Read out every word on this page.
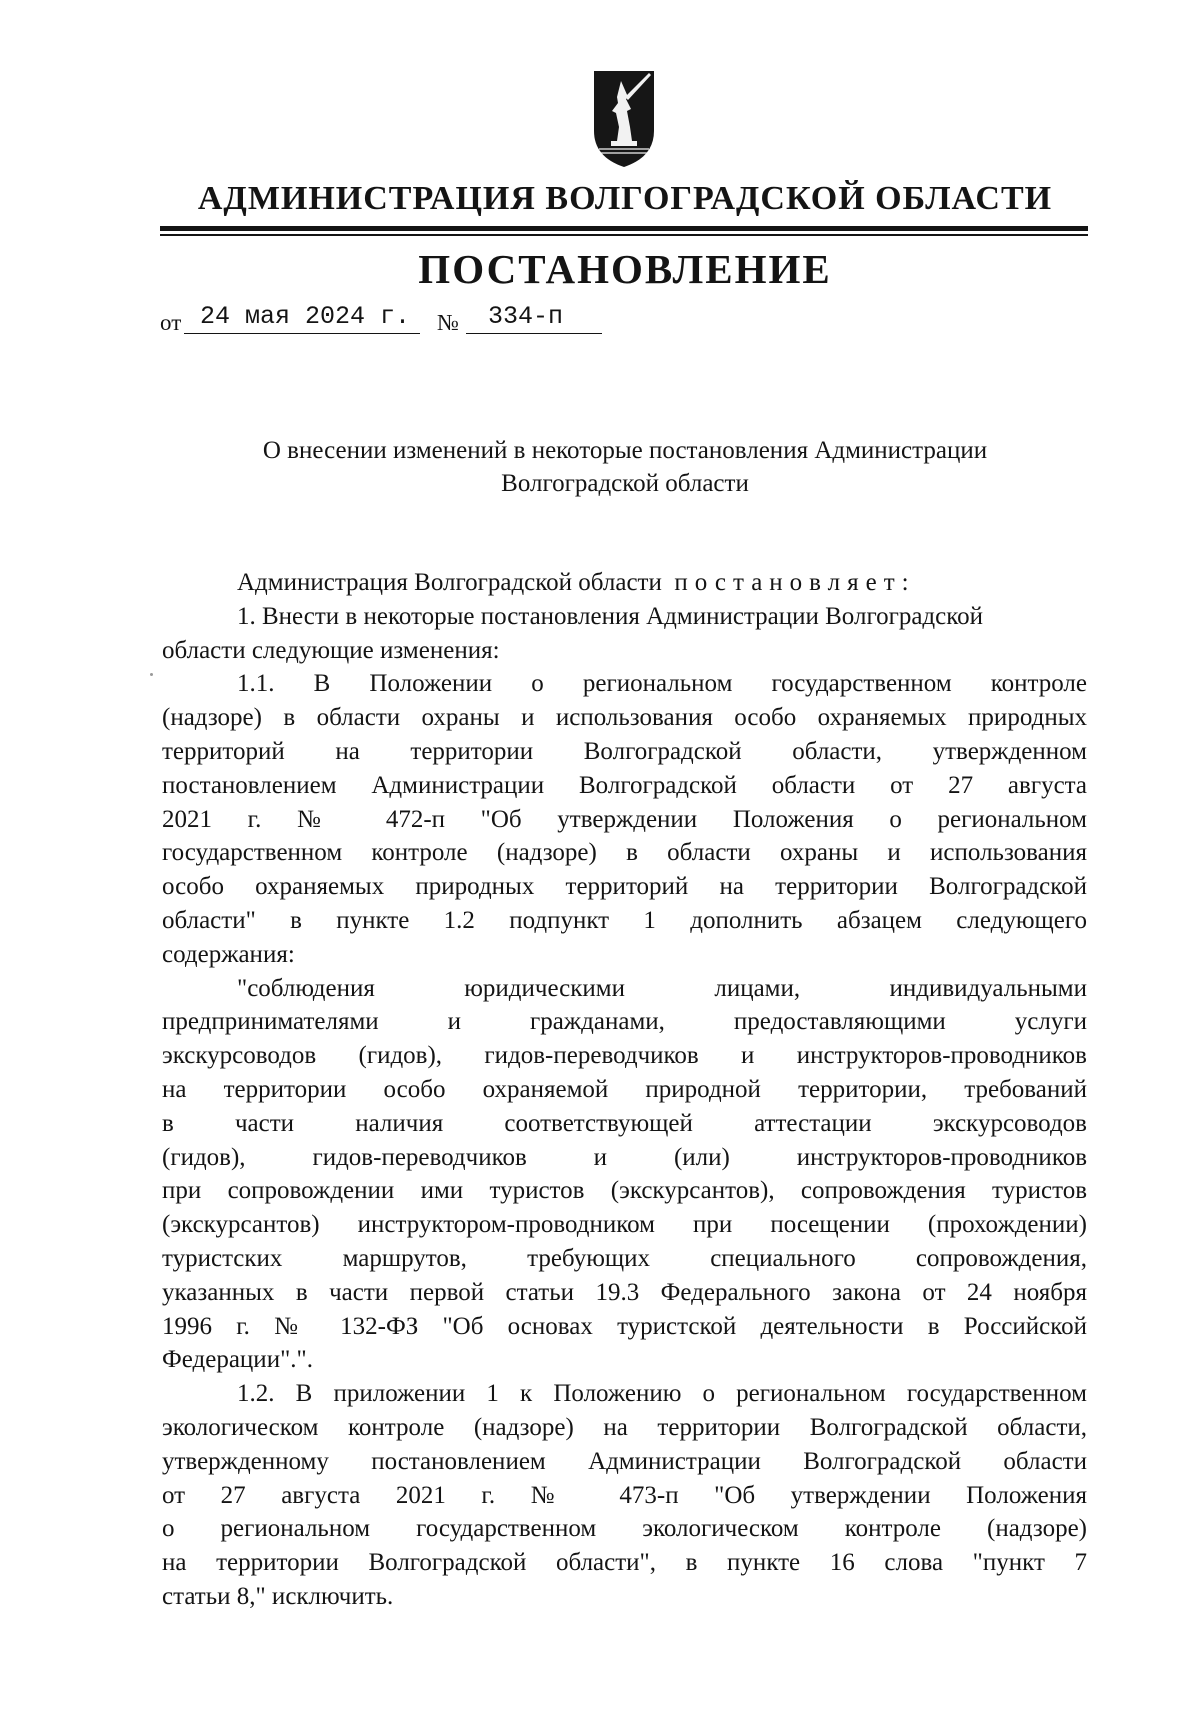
АДМИНИСТРАЦИЯ ВОЛГОГРАДСКОЙ ОБЛАСТИ
ПОСТАНОВЛЕНИЕ
от 24 мая 2024 г. № 334-п
О внесении изменений в некоторые постановления Администрации
Волгоградской области
Администрация Волгоградской области постановляет:
1. Внести в некоторые постановления Администрации Волгоградской
области следующие изменения:
1.1. В Положении о региональном государственном контроле
(надзоре) в области охраны и использования особо охраняемых природных
территорий на территории Волгоградской области, утвержденном
постановлением Администрации Волгоградской области от 27 августа
2021 г. № 472-п "Об утверждении Положения о региональном
государственном контроле (надзоре) в области охраны и использования
особо охраняемых природных территорий на территории Волгоградской
области" в пункте 1.2 подпункт 1 дополнить абзацем следующего
содержания:
"соблюдения юридическими лицами, индивидуальными
предпринимателями и гражданами, предоставляющими услуги
экскурсоводов (гидов), гидов-переводчиков и инструкторов-проводников
на территории особо охраняемой природной территории, требований
в части наличия соответствующей аттестации экскурсоводов
(гидов), гидов-переводчиков и (или) инструкторов-проводников
при сопровождении ими туристов (экскурсантов), сопровождения туристов
(экскурсантов) инструктором-проводником при посещении (прохождении)
туристских маршрутов, требующих специального сопровождения,
указанных в части первой статьи 19.3 Федерального закона от 24 ноября
1996 г. № 132-ФЗ "Об основах туристской деятельности в Российской
Федерации".".
1.2. В приложении 1 к Положению о региональном государственном
экологическом контроле (надзоре) на территории Волгоградской области,
утвержденному постановлением Администрации Волгоградской области
от 27 августа 2021 г. № 473-п "Об утверждении Положения
о региональном государственном экологическом контроле (надзоре)
на территории Волгоградской области", в пункте 16 слова "пункт 7
статьи 8," исключить.
